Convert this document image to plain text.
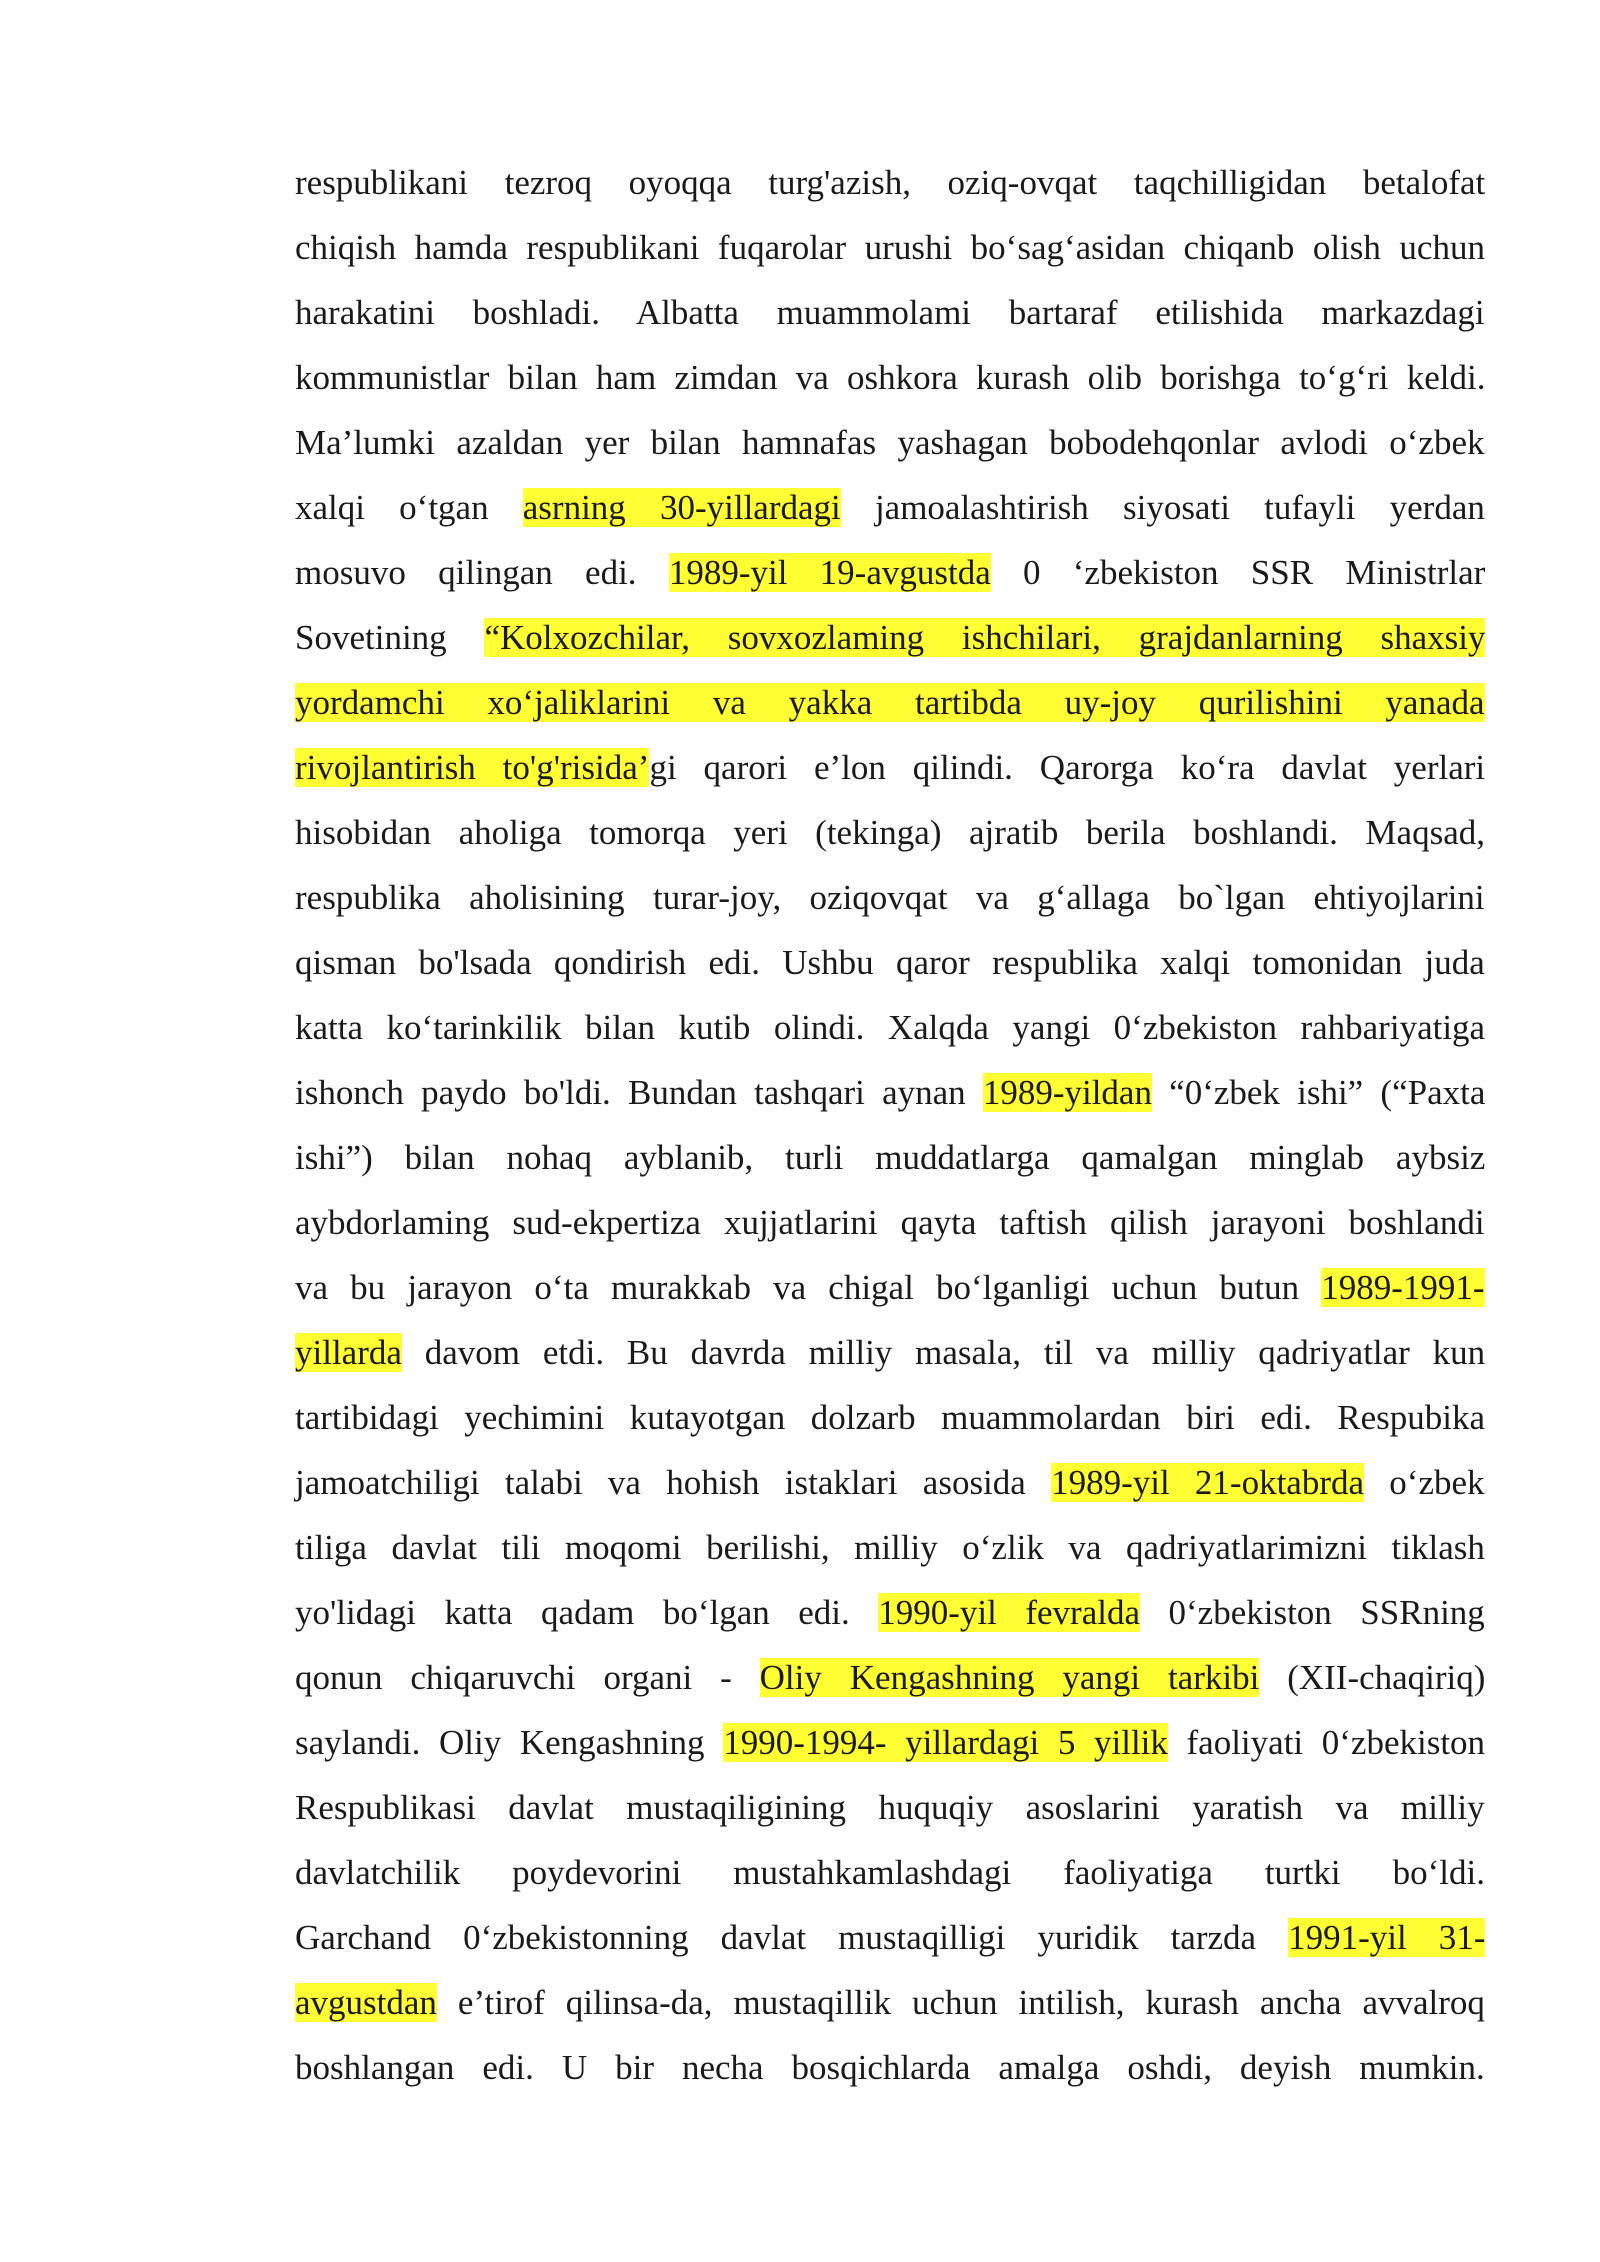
respublikani tezroq oyoqqa turg'azish, oziq-ovqat taqchilligidan betalofat
chiqish hamda respublikani fuqarolar urushi bo‘sag‘asidan chiqanb olish uchun
harakatini boshladi. Albatta muammolami bartaraf etilishida markazdagi
kommunistlar bilan ham zimdan va oshkora kurash olib borishga to‘g‘ri keldi.
Ma’lumki azaldan yer bilan hamnafas yashagan bobodehqonlar avlodi o‘zbek
xalqi o‘tgan asrning 30-yillardagi jamoalashtirish siyosati tufayli yerdan
mosuvo qilingan edi. 1989-yil 19-avgustda 0 ‘zbekiston SSR Ministrlar
Sovetining “Kolxozchilar, sovxozlaming ishchilari, grajdanlarning shaxsiy
yordamchi xo‘jaliklarini va yakka tartibda uy-joy qurilishini yanada
rivojlantirish to'g'risida’gi qarori e’lon qilindi. Qarorga ko‘ra davlat yerlari
hisobidan aholiga tomorqa yeri (tekinga) ajratib berila boshlandi. Maqsad,
respublika aholisining turar-joy, oziqovqat va g‘allaga bo`lgan ehtiyojlarini
qisman bo'lsada qondirish edi. Ushbu qaror respublika xalqi tomonidan juda
katta ko‘tarinkilik bilan kutib olindi. Xalqda yangi 0‘zbekiston rahbariyatiga
ishonch paydo bo'ldi. Bundan tashqari aynan 1989-yildan “0‘zbek ishi” (“Paxta
ishi”) bilan nohaq ayblanib, turli muddatlarga qamalgan minglab aybsiz
aybdorlaming sud-ekpertiza xujjatlarini qayta taftish qilish jarayoni boshlandi
va bu jarayon o‘ta murakkab va chigal bo‘lganligi uchun butun 1989-1991-
yillarda davom etdi. Bu davrda milliy masala, til va milliy qadriyatlar kun
tartibidagi yechimini kutayotgan dolzarb muammolardan biri edi. Respubika
jamoatchiligi talabi va hohish istaklari asosida 1989-yil 21-oktabrda o‘zbek
tiliga davlat tili moqomi berilishi, milliy o‘zlik va qadriyatlarimizni tiklash
yo'lidagi katta qadam bo‘lgan edi. 1990-yil fevralda 0‘zbekiston SSRning
qonun chiqaruvchi organi - Oliy Kengashning yangi tarkibi (XII-chaqiriq)
saylandi. Oliy Kengashning 1990-1994- yillardagi 5 yillik faoliyati 0‘zbekiston
Respublikasi davlat mustaqiligining huquqiy asoslarini yaratish va milliy
davlatchilik poydevorini mustahkamlashdagi faoliyatiga turtki bo‘ldi.
Garchand 0‘zbekistonning davlat mustaqilligi yuridik tarzda 1991-yil 31-
avgustdan e’tirof qilinsa-da, mustaqillik uchun intilish, kurash ancha avvalroq
boshlangan edi. U bir necha bosqichlarda amalga oshdi, deyish mumkin.
